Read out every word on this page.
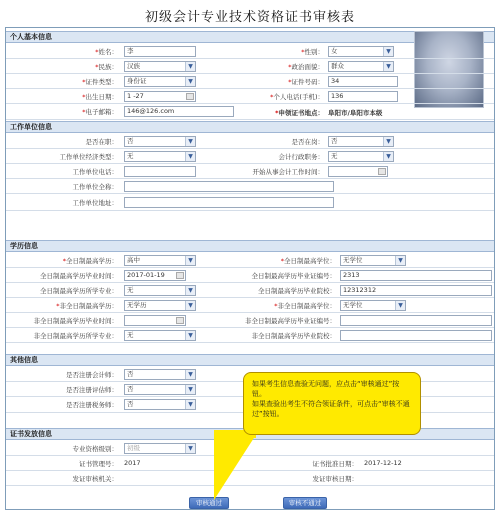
初级会计专业技术资格证书审核表
个人基本信息
*姓名：	李	*性别：	女	▼
*民族：	汉族	▼	*政治面貌：	群众	▼
*证件类型：	身份证	▼	*证件号码：	34
*出生日期：	1 -27	*个人电话(手机)：	136
*电子邮箱：	146@126.com	*申领证书地点： 阜阳市/阜阳市本级
工作单位信息
是否在职：	否	▼	是否在岗：	否	▼
工作单位经济类型：	无	▼	会计行政职务：	无	▼
工作单位电话：	开始从事会计工作时间：
工作单位全称：
工作单位地址：
学历信息
*全日制最高学历：	高中	▼	*全日制最高学位：	无学位	▼
全日制最高学历毕业时间：	2017-01-19	全日制最高学历毕业证编号：	2313
全日制最高学历所学专业：	无	▼	全日制最高学历毕业院校：	12312312
*非全日制最高学历：	无学历	▼	*非全日制最高学位：	无学位	▼
非全日制最高学历毕业时间：	非全日制最高学历毕业证编号：
非全日制最高学历所学专业：	无	▼	非全日制最高学历毕业院校：
其他信息
是否注册会计师：	否	▼
是否注册评估师：	否	▼
是否注册税务师：	否	▼
证书发放信息
专业资格级别：	初级	▼
证书管理号： 2017	证书批准日期： 2017-12-12
发证审核机关：	发证审核日期：
审核通过	审核不通过
如果考生信息查验无问题，应点击“审核通过”按钮。
如果查验出考生不符合领证条件，可点击“审核不通过”按钮。
